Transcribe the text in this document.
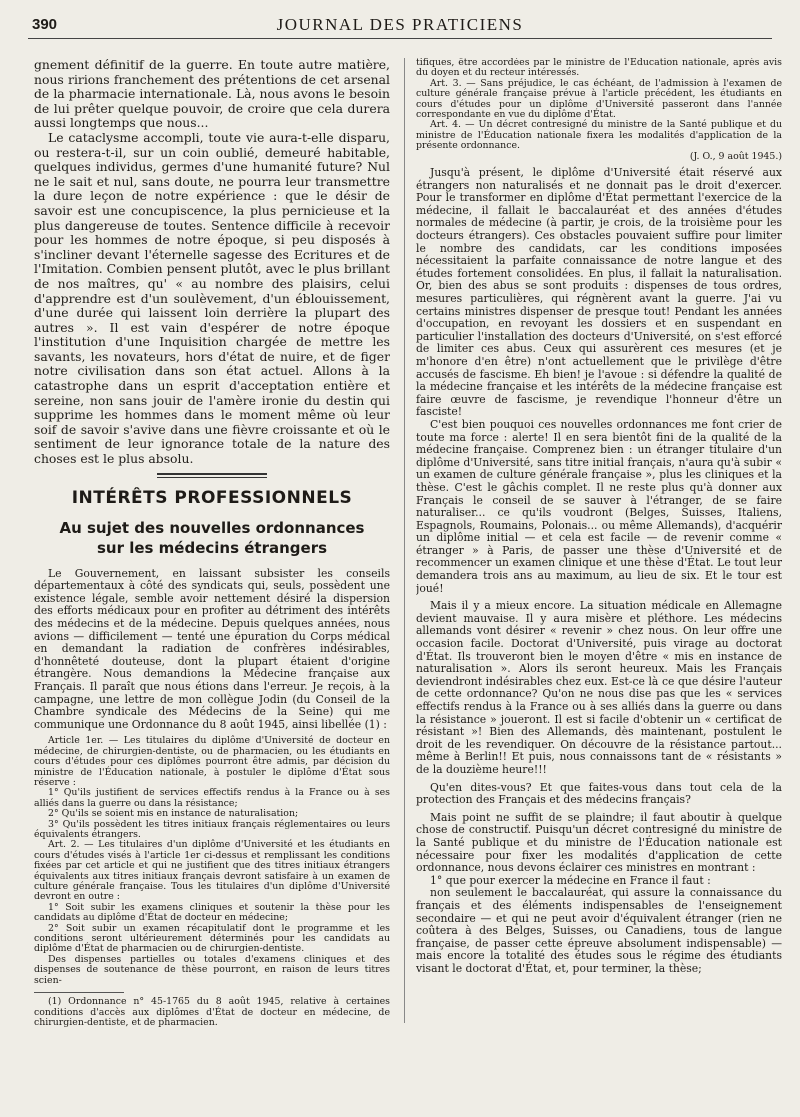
390	JOURNAL DES PRATICIENS

gnement définitif de la guerre. En toute autre matière, nous ririons franchement des prétentions de cet arsenal de la pharmacie internationale. Là, nous avons le besoin de lui prêter quelque pouvoir, de croire que cela durera aussi longtemps que nous...

Le cataclysme accompli, toute vie aura-t-elle disparu, ou restera-t-il, sur un coin oublié, demeuré habitable, quelques individus, germes d'une humanité future? Nul ne le sait et nul, sans doute, ne pourra leur transmettre la dure leçon de notre expérience : que le désir de savoir est une concupiscence, la plus pernicieuse et la plus dangereuse de toutes. Sentence difficile à recevoir pour les hommes de notre époque, si peu disposés à s'incliner devant l'éternelle sagesse des Ecritures et de l'Imitation. Combien pensent plutôt, avec le plus brillant de nos maîtres, qu' « au nombre des plaisirs, celui d'apprendre est d'un soulèvement, d'un éblouissement, d'une durée qui laissent loin derrière la plupart des autres ». Il est vain d'espérer de notre époque l'institution d'une Inquisition chargée de mettre les savants, les novateurs, hors d'état de nuire, et de figer notre civilisation dans son état actuel. Allons à la catastrophe dans un esprit d'acceptation entière et sereine, non sans jouir de l'amère ironie du destin qui supprime les hommes dans le moment même où leur soif de savoir s'avive dans une fièvre croissante et où le sentiment de leur ignorance totale de la nature des choses est le plus absolu.

INTÉRÊTS PROFESSIONNELS
Au sujet des nouvelles ordonnances
sur les médecins étrangers

Le Gouvernement, en laissant subsister les conseils départementaux à côté des syndicats qui, seuls, possèdent une existence légale, semble avoir nettement désiré la dispersion des efforts médicaux pour en profiter au détriment des intérêts des médecins et de la médecine. Depuis quelques années, nous avions — difficilement — tenté une épuration du Corps médical en demandant la radiation de confrères indésirables, d'honnêteté douteuse, dont la plupart étaient d'origine étrangère. Nous demandions la Médecine française aux Français. Il paraît que nous étions dans l'erreur. Je reçois, à la campagne, une lettre de mon collègue Jodin (du Conseil de la Chambre syndicale des Médecins de la Seine) qui me communique une Ordonnance du 8 août 1945, ainsi libellée (1) :

Article 1er. — Les titulaires du diplôme d'Université de docteur en médecine, de chirurgien-dentiste, ou de pharmacien, ou les étudiants en cours d'études pour ces diplômes pourront être admis, par décision du ministre de l'Éducation nationale, à postuler le diplôme d'État sous réserve :

1° Qu'ils justifient de services effectifs rendus à la France ou à ses alliés dans la guerre ou dans la résistance;

2° Qu'ils se soient mis en instance de naturalisation;

3° Qu'ils possèdent les titres initiaux français réglementaires ou leurs équivalents étrangers.

Art. 2. — Les titulaires d'un diplôme d'Université et les étudiants en cours d'études visés à l'article 1er ci-dessus et remplissant les conditions fixées par cet article et qui ne justifient que des titres initiaux étrangers équivalents aux titres initiaux français devront satisfaire à un examen de culture générale française. Tous les titulaires d'un diplôme d'Université devront en outre :

1° Soit subir les examens cliniques et soutenir la thèse pour les candidats au diplôme d'État de docteur en médecine;

2° Soit subir un examen récapitulatif dont le programme et les conditions seront ultérieurement déterminés pour les candidats au diplôme d'État de pharmacien ou de chirurgien-dentiste.

Des dispenses partielles ou totales d'examens cliniques et des dispenses de soutenance de thèse pourront, en raison de leurs titres scien-

(1) Ordonnance n° 45-1765 du 8 août 1945, relative à certaines conditions d'accès aux diplômes d'État de docteur en médecine, de chirurgien-dentiste, et de pharmacien.

tifiques, être accordées par le ministre de l'Éducation nationale, après avis du doyen et du recteur intéressés.

Art. 3. — Sans préjudice, le cas échéant, de l'admission à l'examen de culture générale française prévue à l'article précédent, les étudiants en cours d'études pour un diplôme d'Université passeront dans l'année correspondante en vue du diplôme d'État.

Art. 4. — Un décret contresigné du ministre de la Santé publique et du ministre de l'Éducation nationale fixera les modalités d'application de la présente ordonnance.

(J. O., 9 août 1945.)

Jusqu'à présent, le diplôme d'Université était réservé aux étrangers non naturalisés et ne donnait pas le droit d'exercer. Pour le transformer en diplôme d'État permettant l'exercice de la médecine, il fallait le baccalauréat et des années d'études normales de médecine (à partir, je crois, de la troisième pour les docteurs étrangers). Ces obstacles pouvaient suffire pour limiter le nombre des candidats, car les conditions imposées nécessitaient la parfaite connaissance de notre langue et des études fortement consolidées. En plus, il fallait la naturalisation. Or, bien des abus se sont produits : dispenses de tous ordres, mesures particulières, qui régnèrent avant la guerre. J'ai vu certains ministres dispenser de presque tout! Pendant les années d'occupation, en revoyant les dossiers et en suspendant en particulier l'installation des docteurs d'Université, on s'est efforcé de limiter ces abus. Ceux qui assurèrent ces mesures (et je m'honore d'en être) n'ont actuellement que le privilège d'être accusés de fascisme. Eh bien! je l'avoue : si défendre la qualité de la médecine française et les intérêts de la médecine française est faire œuvre de fascisme, je revendique l'honneur d'être un fasciste!

C'est bien pouquoi ces nouvelles ordonnances me font crier de toute ma force : alerte! Il en sera bientôt fini de la qualité de la médecine française. Comprenez bien : un étranger titulaire d'un diplôme d'Université, sans titre initial français, n'aura qu'à subir « un examen de culture générale française », plus les cliniques et la thèse. C'est le gâchis complet. Il ne reste plus qu'à donner aux Français le conseil de se sauver à l'étranger, de se faire naturaliser... ce qu'ils voudront (Belges, Suisses, Italiens, Espagnols, Roumains, Polonais... ou même Allemands), d'acquérir un diplôme initial — et cela est facile — de revenir comme « étranger » à Paris, de passer une thèse d'Université et de recommencer un examen clinique et une thèse d'État. Le tout leur demandera trois ans au maximum, au lieu de six. Et le tour est joué!

Mais il y a mieux encore. La situation médicale en Allemagne devient mauvaise. Il y aura misère et pléthore. Les médecins allemands vont désirer « revenir » chez nous. On leur offre une occasion facile. Doctorat d'Université, puis virage au doctorat d'État. Ils trouveront bien le moyen d'être « mis en instance de naturalisation ». Alors ils seront heureux. Mais les Français deviendront indésirables chez eux. Est-ce là ce que désire l'auteur de cette ordonnance? Qu'on ne nous dise pas que les « services effectifs rendus à la France ou à ses alliés dans la guerre ou dans la résistance » joueront. Il est si facile d'obtenir un « certificat de résistant »! Bien des Allemands, dès maintenant, postulent le droit de les revendiquer. On découvre de la résistance partout... même à Berlin!! Et puis, nous connaissons tant de « résistants » de la douzième heure!!!

Qu'en dites-vous? Et que faites-vous dans tout cela de la protection des Français et des médecins français?

Mais point ne suffit de se plaindre; il faut aboutir à quelque chose de constructif. Puisqu'un décret contresigné du ministre de la Santé publique et du ministre de l'Éducation nationale est nécessaire pour fixer les modalités d'application de cette ordonnance, nous devons éclairer ces ministres en montrant :

1° que pour exercer la médecine en France il faut :

non seulement le baccalauréat, qui assure la connaissance du français et des éléments indispensables de l'enseignement secondaire — et qui ne peut avoir d'équivalent étranger (rien ne coûtera à des Belges, Suisses, ou Canadiens, tous de langue française, de passer cette épreuve absolument indispensable) — mais encore la totalité des études sous le régime des étudiants visant le doctorat d'État, et, pour terminer, la thèse;
